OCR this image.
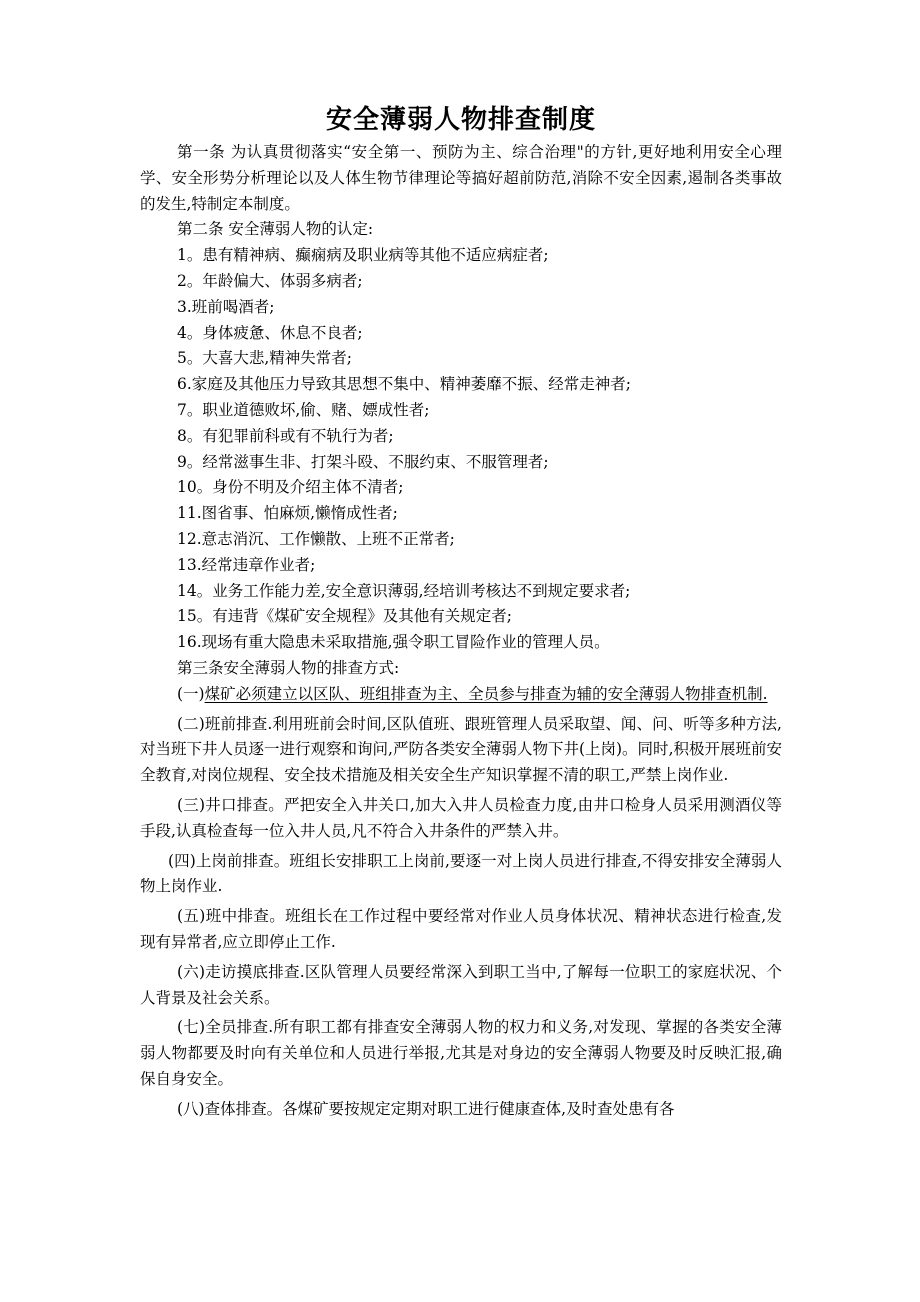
安全薄弱人物排查制度

第一条 为认真贯彻落实“安全第一、预防为主、综合治理"的方针,更好地利用安全心理学、安全形势分析理论以及人体生物节律理论等搞好超前防范,消除不安全因素,遏制各类事故的发生,特制定本制度。

第二条 安全薄弱人物的认定:

1。患有精神病、癫痫病及职业病等其他不适应病症者;

2。年龄偏大、体弱多病者;

3.班前喝酒者;

4。身体疲惫、休息不良者;

5。大喜大悲,精神失常者;

6.家庭及其他压力导致其思想不集中、精神萎靡不振、经常走神者;

7。职业道德败坏,偷、赌、嫖成性者;

8。有犯罪前科或有不轨行为者;

9。经常滋事生非、打架斗殴、不服约束、不服管理者;

10。身份不明及介绍主体不清者;

11.图省事、怕麻烦,懒惰成性者;

12.意志消沉、工作懒散、上班不正常者;

13.经常违章作业者;

14。业务工作能力差,安全意识薄弱,经培训考核达不到规定要求者;

15。有违背《煤矿安全规程》及其他有关规定者;

16.现场有重大隐患未采取措施,强令职工冒险作业的管理人员。

第三条安全薄弱人物的排查方式:

(一)煤矿必须建立以区队、班组排查为主、全员参与排查为辅的安全薄弱人物排查机制.

(二)班前排查.利用班前会时间,区队值班、跟班管理人员采取望、闻、问、听等多种方法,对当班下井人员逐一进行观察和询问,严防各类安全薄弱人物下井(上岗)。同时,积极开展班前安全教育,对岗位规程、安全技术措施及相关安全生产知识掌握不清的职工,严禁上岗作业.

(三)井口排查。严把安全入井关口,加大入井人员检查力度,由井口检身人员采用测酒仪等手段,认真检查每一位入井人员,凡不符合入井条件的严禁入井。

(四)上岗前排查。班组长安排职工上岗前,要逐一对上岗人员进行排查,不得安排安全薄弱人物上岗作业.

(五)班中排查。班组长在工作过程中要经常对作业人员身体状况、精神状态进行检查,发现有异常者,应立即停止工作.

(六)走访摸底排查.区队管理人员要经常深入到职工当中,了解每一位职工的家庭状况、个人背景及社会关系。

(七)全员排查.所有职工都有排查安全薄弱人物的权力和义务,对发现、掌握的各类安全薄弱人物都要及时向有关单位和人员进行举报,尤其是对身边的安全薄弱人物要及时反映汇报,确保自身安全。

(八)查体排查。各煤矿要按规定定期对职工进行健康查体,及时查处患有各
